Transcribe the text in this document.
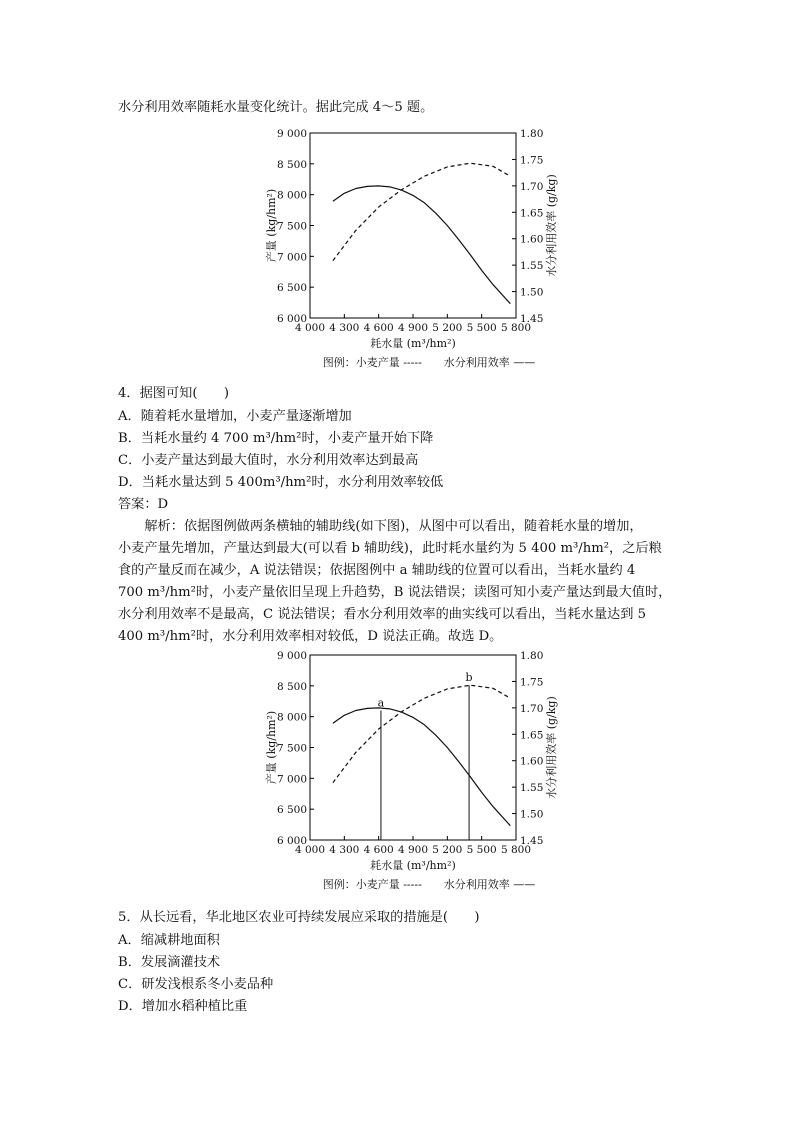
水分利用效率随耗水量变化统计。据此完成 4～5 题。
4 000 4 300 4 600 4 900 5 200 5 500 5 800
6 000
6 500
7 000
7 500
8 000
8 500
9 000
1.45
1.50
1.55
1.60
1.65
1.70
1.75
1.80
耗水量 (m³/hm²)
产量 (kg/hm²)	水分利用效率 (g/kg)
图例：小麦产量 -----　　水分利用效率 ——
4．据图可知(　　)
A．随着耗水量增加，小麦产量逐渐增加
B．当耗水量约 4 700 m³/hm²时，小麦产量开始下降
C．小麦产量达到最大值时，水分利用效率达到最高
D．当耗水量达到 5 400m³/hm²时，水分利用效率较低
答案：D
　　解析：依据图例做两条横轴的辅助线(如下图)，从图中可以看出，随着耗水量的增加，
小麦产量先增加，产量达到最大(可以看 b 辅助线)，此时耗水量约为 5 400 m³/hm²，之后粮
食的产量反而在减少，A 说法错误；依据图例中 a 辅助线的位置可以看出，当耗水量约 4
700 m³/hm²时，小麦产量依旧呈现上升趋势，B 说法错误；读图可知小麦产量达到最大值时，
水分利用效率不是最高，C 说法错误；看水分利用效率的曲实线可以看出，当耗水量达到 5
400 m³/hm²时，水分利用效率相对较低，D 说法正确。故选 D。
4 000 4 300 4 600 4 900 5 200 5 500 5 800
6 000
6 500
7 000
7 500
8 000
8 500
9 000
1.45
1.50
1.55
1.60
1.65
1.70
1.75
1.80
耗水量 (m³/hm²)
产量 (kg/hm²)	水分利用效率 (g/kg)
a
b
图例：小麦产量 -----　　水分利用效率 ——
5．从长远看，华北地区农业可持续发展应采取的措施是(　　)
A．缩减耕地面积
B．发展滴灌技术
C．研发浅根系冬小麦品种
D．增加水稻种植比重
